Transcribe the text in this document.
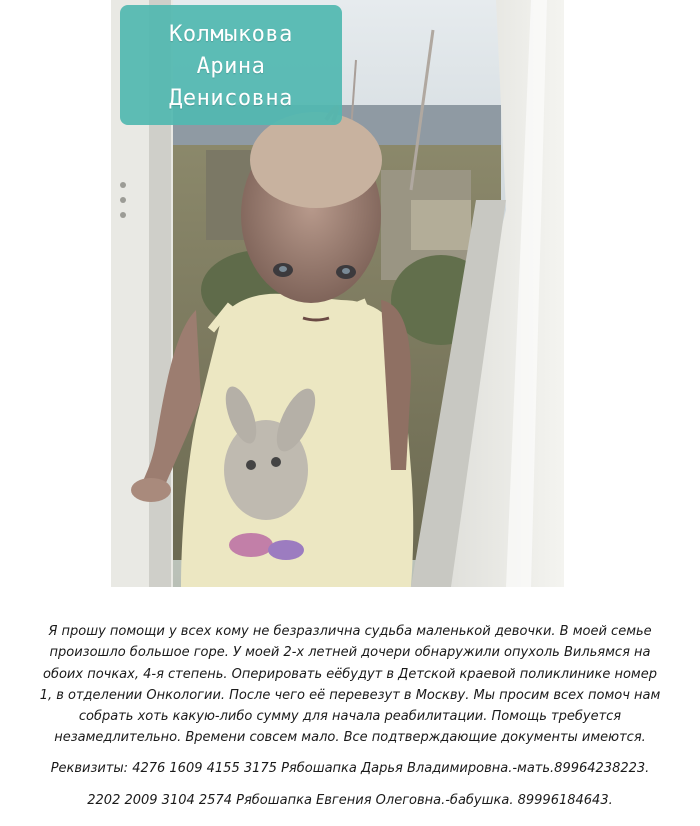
Колмыкова
Арина
Денисовна

Я прошу помощи у всех кому не безразлична судьба маленькой девочки. В моей семье
произошло большое горе. У моей 2-х летней дочери обнаружили опухоль Вильямся на
обоих почках, 4-я степень. Оперировать eёбудут в Детской краевой поликлинике номер
1, в отделении Онкологии. После чего её перевезут в Москву. Мы просим всех помоч нам
собрать хоть какую-либо сумму для начала реабилитации. Помощь требуется
незамедлительно. Времени совсем мало. Все подтверждающие документы имеются.

Реквизиты: 4276 1609 4155 3175 Рябошапка Дарья Владимировна.-мать.89964238223.

2202 2009 3104 2574 Рябошапка Евгения Олеговна.-бабушка. 89996184643.
